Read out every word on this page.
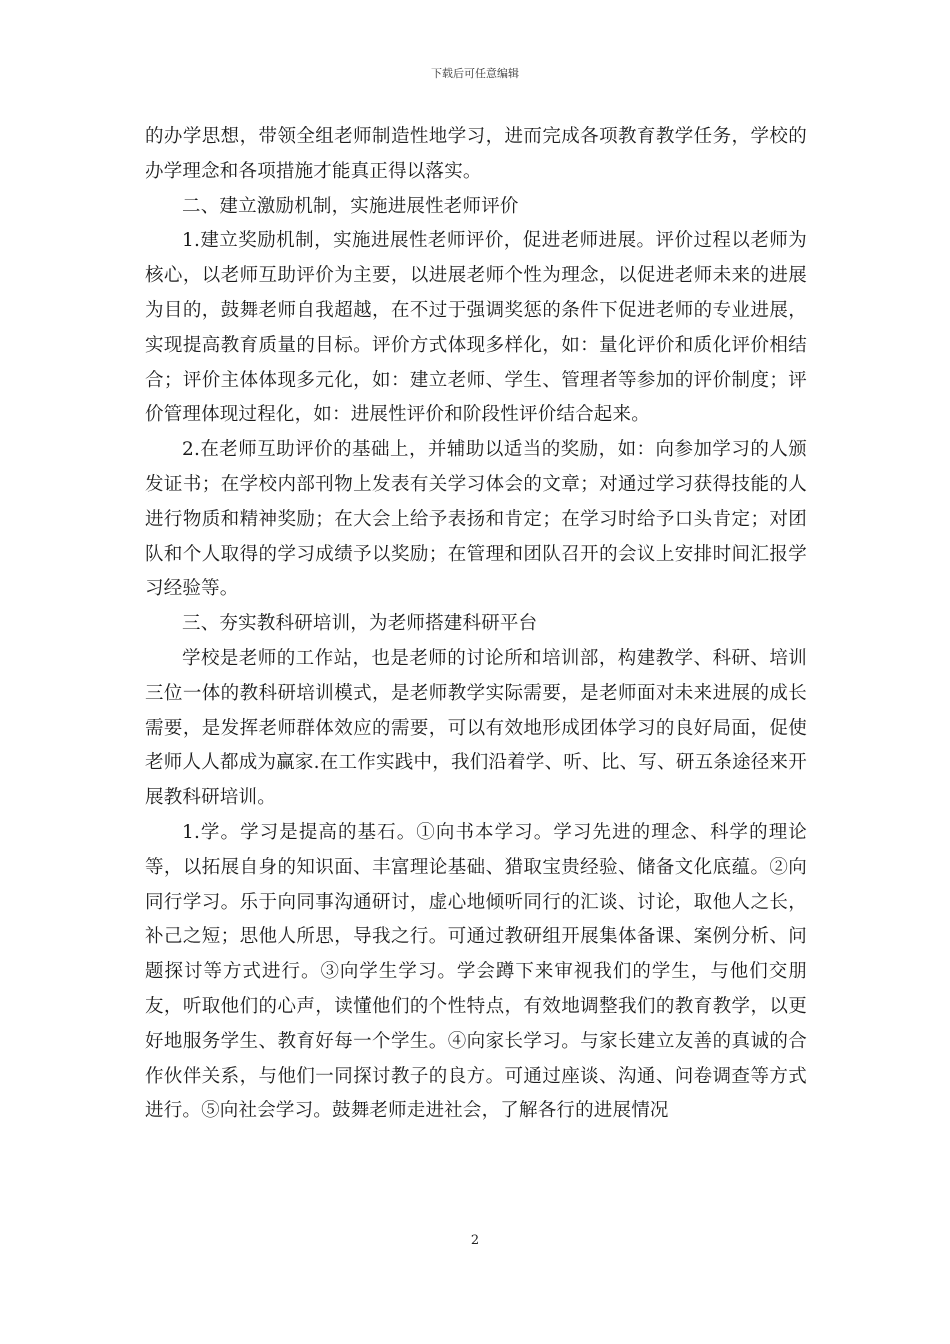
下载后可任意编辑

的办学思想，带领全组老师制造性地学习，进而完成各项教育教学任务，学校的办学理念和各项措施才能真正得以落实。

二、建立激励机制，实施进展性老师评价

1.建立奖励机制，实施进展性老师评价，促进老师进展。评价过程以老师为核心，以老师互助评价为主要，以进展老师个性为理念，以促进老师未来的进展为目的，鼓舞老师自我超越，在不过于强调奖惩的条件下促进老师的专业进展，实现提高教育质量的目标。评价方式体现多样化，如：量化评价和质化评价相结合；评价主体体现多元化，如：建立老师、学生、管理者等参加的评价制度；评价管理体现过程化，如：进展性评价和阶段性评价结合起来。

2.在老师互助评价的基础上，并辅助以适当的奖励，如：向参加学习的人颁发证书；在学校内部刊物上发表有关学习体会的文章；对通过学习获得技能的人进行物质和精神奖励；在大会上给予表扬和肯定；在学习时给予口头肯定；对团队和个人取得的学习成绩予以奖励；在管理和团队召开的会议上安排时间汇报学习经验等。

三、夯实教科研培训，为老师搭建科研平台

学校是老师的工作站，也是老师的讨论所和培训部，构建教学、科研、培训三位一体的教科研培训模式，是老师教学实际需要，是老师面对未来进展的成长需要，是发挥老师群体效应的需要，可以有效地形成团体学习的良好局面，促使老师人人都成为赢家.在工作实践中，我们沿着学、听、比、写、研五条途径来开展教科研培训。

1.学。学习是提高的基石。①向书本学习。学习先进的理念、科学的理论等，以拓展自身的知识面、丰富理论基础、猎取宝贵经验、储备文化底蕴。②向同行学习。乐于向同事沟通研讨，虚心地倾听同行的汇谈、讨论，取他人之长，补己之短；思他人所思，导我之行。可通过教研组开展集体备课、案例分析、问题探讨等方式进行。③向学生学习。学会蹲下来审视我们的学生，与他们交朋友，听取他们的心声，读懂他们的个性特点，有效地调整我们的教育教学，以更好地服务学生、教育好每一个学生。④向家长学习。与家长建立友善的真诚的合作伙伴关系，与他们一同探讨教子的良方。可通过座谈、沟通、问卷调查等方式进行。⑤向社会学习。鼓舞老师走进社会，了解各行的进展情况

2
